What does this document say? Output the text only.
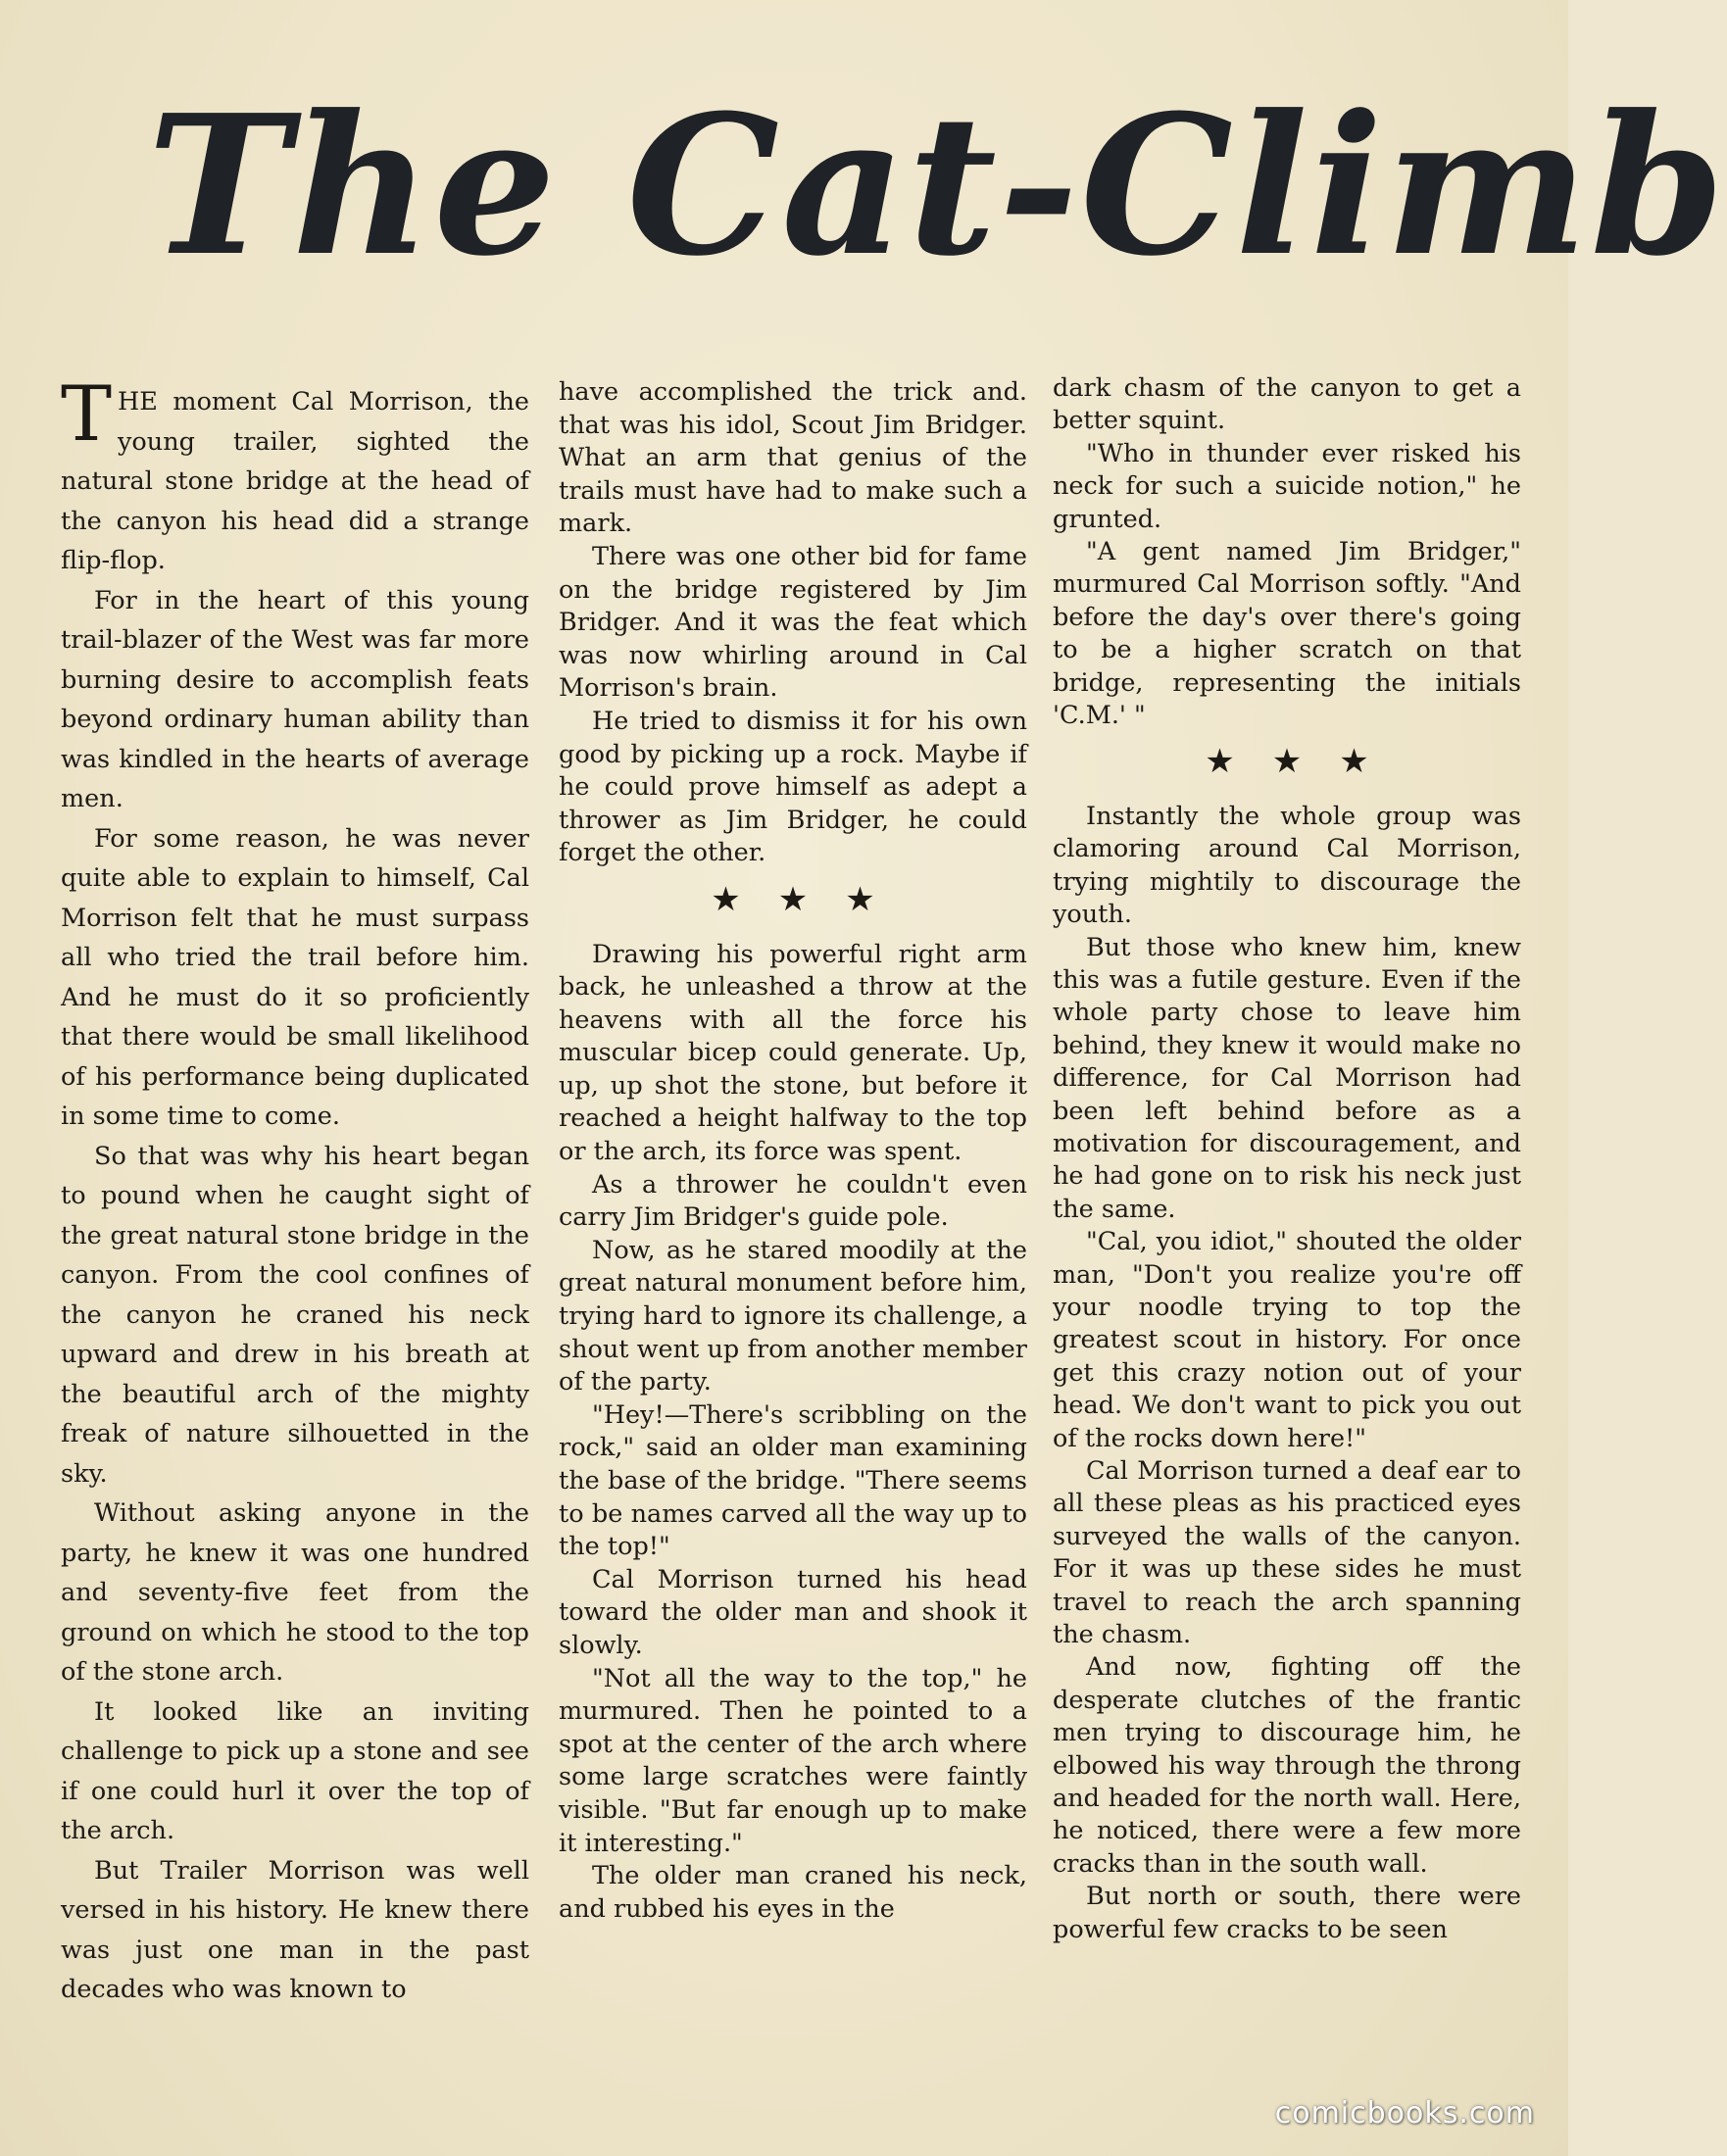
The Cat-Climb

THE moment Cal Morrison, the young trailer, sighted the natural stone bridge at the head of the canyon his head did a strange flip-flop.

For in the heart of this young trail-blazer of the West was far more burning desire to accomplish feats beyond ordinary human ability than was kindled in the hearts of average men.

For some reason, he was never quite able to explain to himself, Cal Morrison felt that he must surpass all who tried the trail before him. And he must do it so proficiently that there would be small likelihood of his performance being duplicated in some time to come.

So that was why his heart began to pound when he caught sight of the great natural stone bridge in the canyon. From the cool confines of the canyon he craned his neck upward and drew in his breath at the beautiful arch of the mighty freak of nature silhouetted in the sky.

Without asking anyone in the party, he knew it was one hundred and seventy-five feet from the ground on which he stood to the top of the stone arch.

It looked like an inviting challenge to pick up a stone and see if one could hurl it over the top of the arch.

But Trailer Morrison was well versed in his history. He knew there was just one man in the past decades who was known to

have accomplished the trick and. that was his idol, Scout Jim Bridger. What an arm that genius of the trails must have had to make such a mark.

There was one other bid for fame on the bridge registered by Jim Bridger. And it was the feat which was now whirling around in Cal Morrison's brain.

He tried to dismiss it for his own good by picking up a rock. Maybe if he could prove himself as adept a thrower as Jim Bridger, he could forget the other.

★★★

Drawing his powerful right arm back, he unleashed a throw at the heavens with all the force his muscular bicep could generate. Up, up, up shot the stone, but before it reached a height halfway to the top or the arch, its force was spent.

As a thrower he couldn't even carry Jim Bridger's guide pole.

Now, as he stared moodily at the great natural monument before him, trying hard to ignore its challenge, a shout went up from another member of the party.

"Hey!—There's scribbling on the rock," said an older man examining the base of the bridge. "There seems to be names carved all the way up to the top!"

Cal Morrison turned his head toward the older man and shook it slowly.

"Not all the way to the top," he murmured. Then he pointed to a spot at the center of the arch where some large scratches were faintly visible. "But far enough up to make it interesting."

The older man craned his neck, and rubbed his eyes in the

dark chasm of the canyon to get a better squint.

"Who in thunder ever risked his neck for such a suicide notion," he grunted.

"A gent named Jim Bridger," murmured Cal Morrison softly. "And before the day's over there's going to be a higher scratch on that bridge, representing the initials 'C.M.' "

★★★

Instantly the whole group was clamoring around Cal Morrison, trying mightily to discourage the youth.

But those who knew him, knew this was a futile gesture. Even if the whole party chose to leave him behind, they knew it would make no difference, for Cal Morrison had been left behind before as a motivation for discouragement, and he had gone on to risk his neck just the same.

"Cal, you idiot," shouted the older man, "Don't you realize you're off your noodle trying to top the greatest scout in history. For once get this crazy notion out of your head. We don't want to pick you out of the rocks down here!"

Cal Morrison turned a deaf ear to all these pleas as his practiced eyes surveyed the walls of the canyon. For it was up these sides he must travel to reach the arch spanning the chasm.

And now, fighting off the desperate clutches of the frantic men trying to discourage him, he elbowed his way through the throng and headed for the north wall. Here, he noticed, there were a few more cracks than in the south wall.

But north or south, there were powerful few cracks to be seen

comicbooks.com
